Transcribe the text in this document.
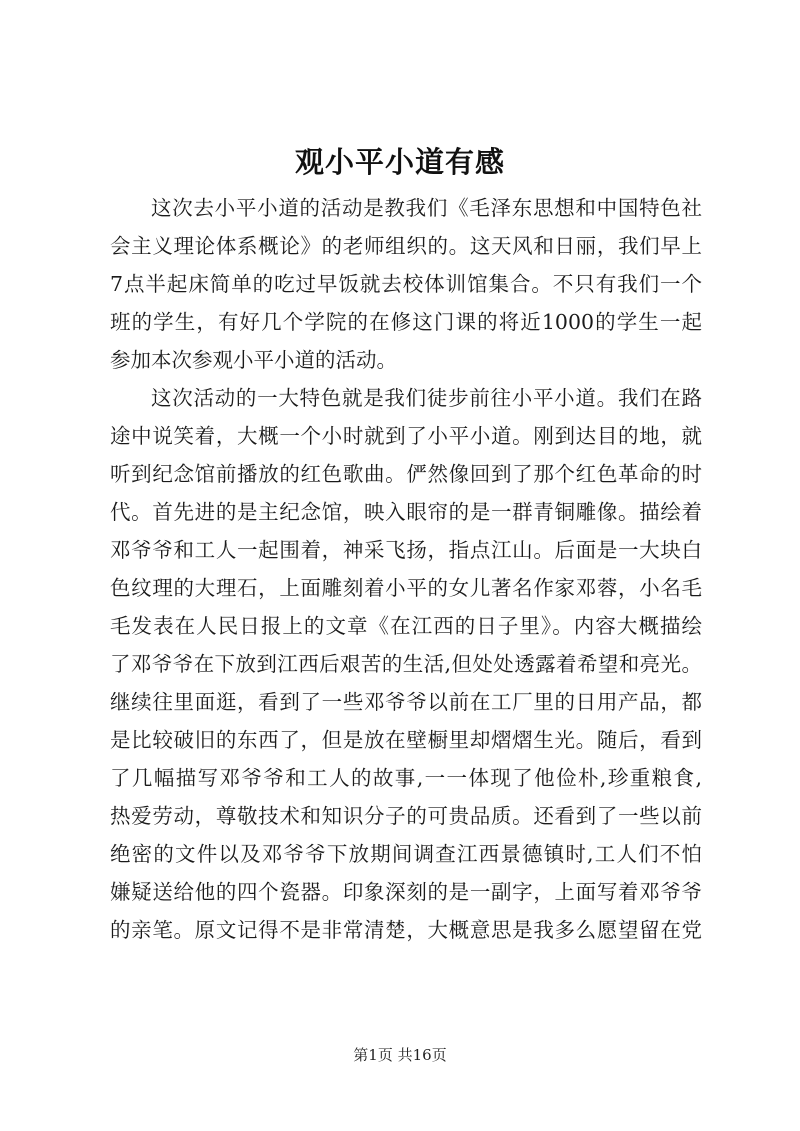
观小平小道有感
这次去小平小道的活动是教我们《毛泽东思想和中国特色社
会主义理论体系概论》的老师组织的。这天风和日丽，我们早上
7点半起床简单的吃过早饭就去校体训馆集合。不只有我们一个
班的学生，有好几个学院的在修这门课的将近1000的学生一起
参加本次参观小平小道的活动。
这次活动的一大特色就是我们徒步前往小平小道。我们在路
途中说笑着，大概一个小时就到了小平小道。刚到达目的地，就
听到纪念馆前播放的红色歌曲。俨然像回到了那个红色革命的时
代。首先进的是主纪念馆，映入眼帘的是一群青铜雕像。描绘着
邓爷爷和工人一起围着，神采飞扬，指点江山。后面是一大块白
色纹理的大理石，上面雕刻着小平的女儿著名作家邓蓉，小名毛
毛发表在人民日报上的文章《在江西的日子里》。内容大概描绘
了邓爷爷在下放到江西后艰苦的生活,但处处透露着希望和亮光。
继续往里面逛，看到了一些邓爷爷以前在工厂里的日用产品，都
是比较破旧的东西了，但是放在壁橱里却熠熠生光。随后，看到
了几幅描写邓爷爷和工人的故事,一一体现了他俭朴,珍重粮食,
热爱劳动，尊敬技术和知识分子的可贵品质。还看到了一些以前
绝密的文件以及邓爷爷下放期间调查江西景德镇时,工人们不怕
嫌疑送给他的四个瓷器。印象深刻的是一副字，上面写着邓爷爷
的亲笔。原文记得不是非常清楚，大概意思是我多么愿望留在党
第1页 共16页
